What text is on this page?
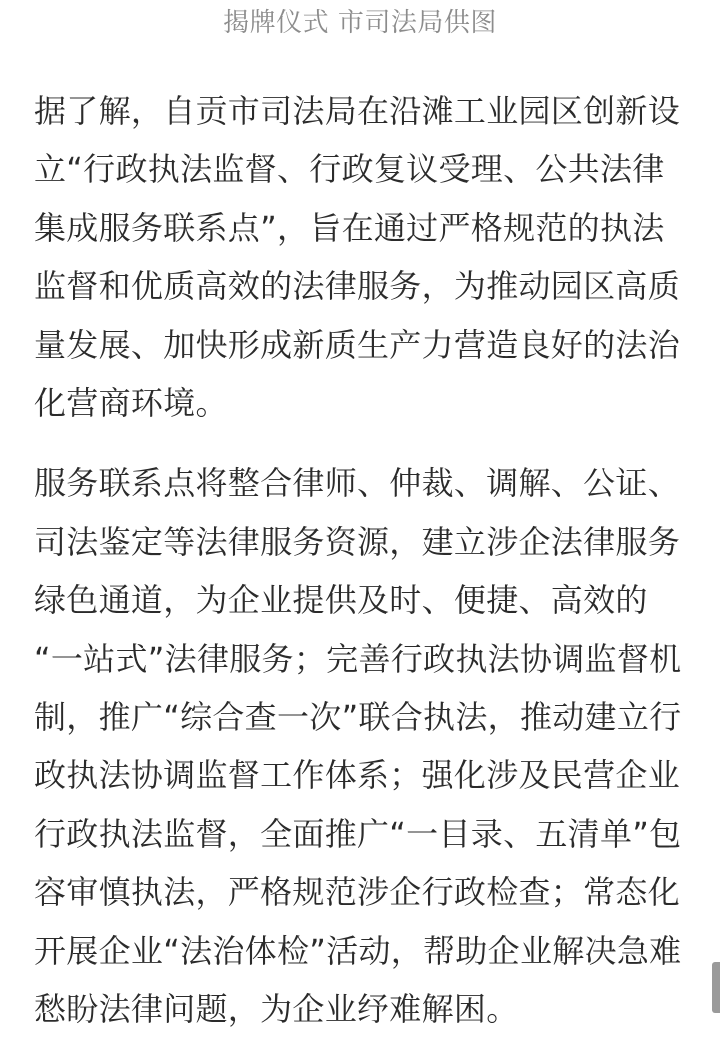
揭牌仪式 市司法局供图

据了解，自贡市司法局在沿滩工业园区创新设
立“行政执法监督、行政复议受理、公共法律
集成服务联系点”，旨在通过严格规范的执法
监督和优质高效的法律服务，为推动园区高质
量发展、加快形成新质生产力营造良好的法治
化营商环境。

服务联系点将整合律师、仲裁、调解、公证、
司法鉴定等法律服务资源，建立涉企法律服务
绿色通道，为企业提供及时、便捷、高效的
“一站式”法律服务；完善行政执法协调监督机
制，推广“综合查一次”联合执法，推动建立行
政执法协调监督工作体系；强化涉及民营企业
行政执法监督，全面推广“一目录、五清单”包
容审慎执法，严格规范涉企行政检查；常态化
开展企业“法治体检”活动，帮助企业解决急难
愁盼法律问题，为企业纾难解困。
